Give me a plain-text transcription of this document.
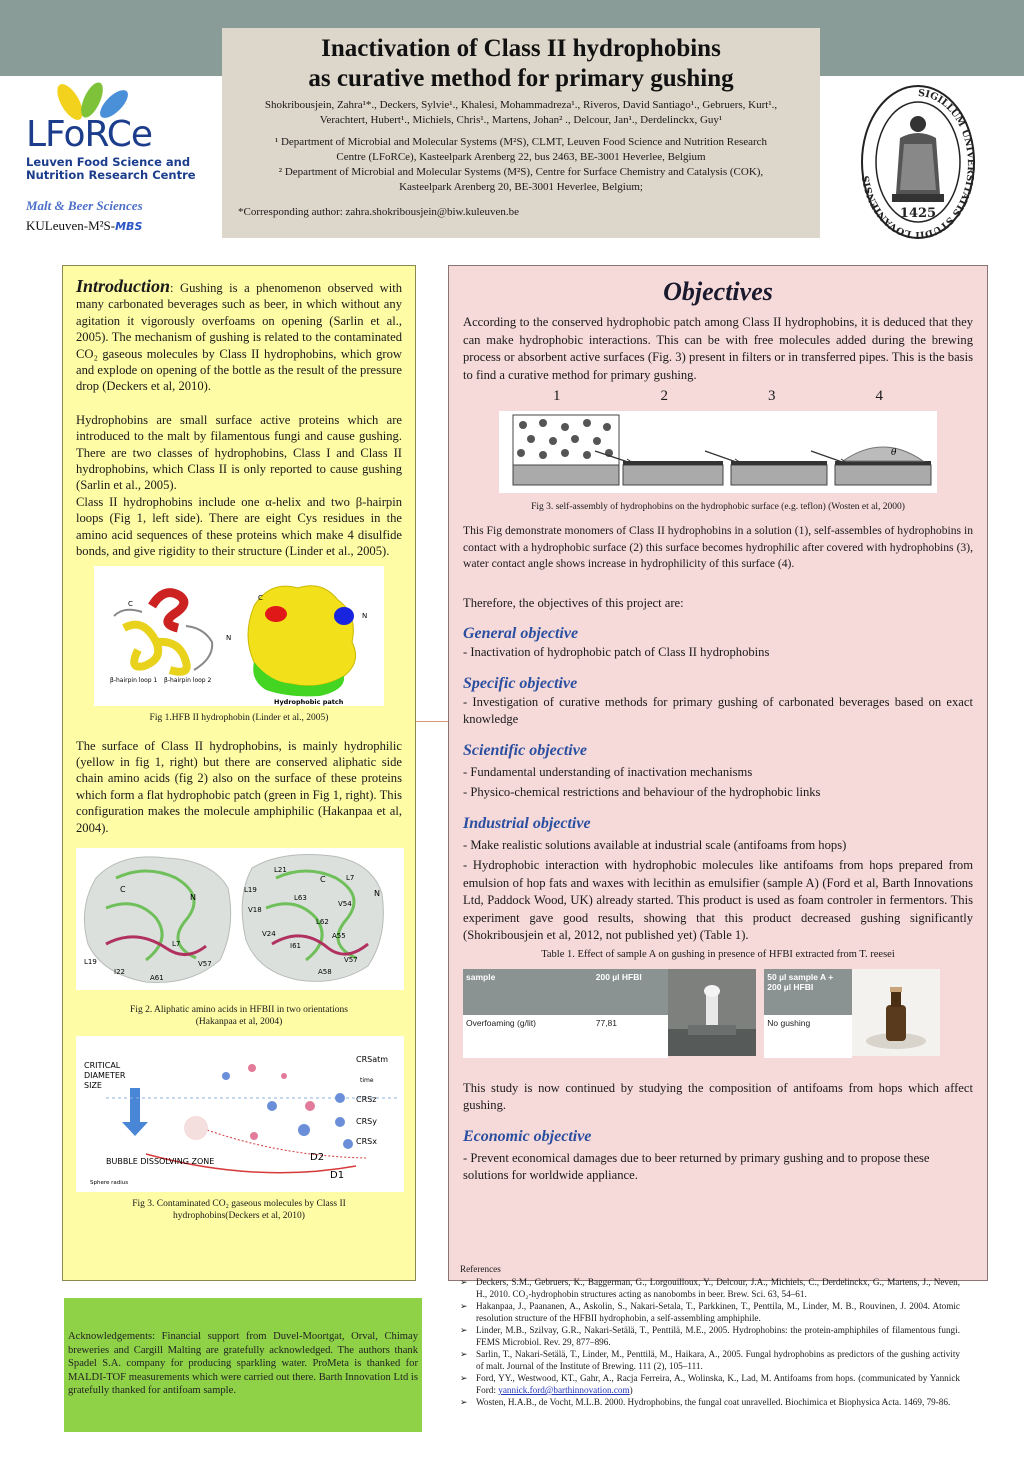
Inactivation of Class II hydrophobins
as curative method for primary gushing
Shokribousjein, Zahra¹*., Deckers, Sylvie¹., Khalesi, Mohammadreza¹., Riveros, David Santiago¹., Gebruers, Kurt¹.,
Verachtert, Hubert¹., Michiels, Chris¹., Martens, Johan² ., Delcour, Jan¹., Derdelinckx, Guy¹
¹ Department of Microbial and Molecular Systems (M²S), CLMT, Leuven Food Science and Nutrition Research
Centre (LFoRCe), Kasteelpark Arenberg 22, bus 2463, BE-3001 Heverlee, Belgium
² Department of Microbial and Molecular Systems (M²S), Centre for Surface Chemistry and Catalysis (COK),
Kasteelpark Arenberg 20, BE-3001 Heverlee, Belgium;
*Corresponding author: zahra.shokribousjein@biw.kuleuven.be
LFoRCe
Leuven Food Science and
Nutrition Research Centre
Malt & Beer Sciences
KULeuven-M²S-MBS
SIGILLUM UNIVERSITATIS STUDII LOVANIENSIS
1425

Introduction: Gushing is a phenomenon observed with many carbonated beverages such as beer, in which without any agitation it vigorously overfoams on opening (Sarlin et al., 2005). The mechanism of gushing is related to the contaminated CO₂ gaseous molecules by Class II hydrophobins, which grow and explode on opening of the bottle as the result of the pressure drop (Deckers et al, 2010).

Hydrophobins are small surface active proteins which are introduced to the malt by filamentous fungi and cause gushing. There are two classes of hydrophobins, Class I and Class II hydrophobins, which Class II is only reported to cause gushing (Sarlin et al., 2005).

Class II hydrophobins include one α-helix and two β-hairpin loops (Fig 1, left side). There are eight Cys residues in the amino acid sequences of these proteins which make 4 disulfide bonds, and give rigidity to their structure (Linder et al., 2005).

C
N
β-hairpin loop 1 β-hairpin loop 2
C
N
Hydrophobic patch
Fig 1.HFB II hydrophobin (Linder et al., 2005)

The surface of Class II hydrophobins, is mainly hydrophilic (yellow in fig 1, right) but there are conserved aliphatic side chain amino acids (fig 2) also on the surface of these proteins which form a flat hydrophobic patch (green in Fig 1, right). This configuration makes the molecule amphiphilic (Hakanpaa et al, 2004).

C
N
L7
L19
I22
A61
V57
L21
C	L7
L19
L63
V18
V54
N
L62
V24	A55
I61
V57
A58
Fig 2. Aliphatic amino acids in HFBII in two orientations
(Hakanpaa et al, 2004)
CRITICAL
DIAMETER
SIZE
CRSatm
time
CRSz
CRSy
CRSx
D2
D1
BUBBLE DISSOLVING ZONE
Sphere radius
Fig 3. Contaminated CO₂ gaseous molecules by Class II
hydrophobins(Deckers et al, 2010)
Objectives

According to the conserved hydrophobic patch among Class II hydrophobins, it is deduced that they can make hydrophobic interactions. This can be with free molecules added during the brewing process or absorbent active surfaces (Fig. 3) present in filters or in transferred pipes. This is the basis to find a curative method for primary gushing.

1	2	3	4
θ
Fig 3. self-assembly of hydrophobins on the hydrophobic surface (e.g. teflon) (Wosten et al, 2000)

This Fig demonstrate monomers of Class II hydrophobins in a solution (1), self-assembles of hydrophobins in contact with a hydrophobic surface (2) this surface becomes hydrophilic after covered with hydrophobins (3), water contact angle shows increase in hydrophilicity of this surface (4).

Therefore, the objectives of this project are:

General objective

- Inactivation of hydrophobic patch of Class II hydrophobins

Specific objective

- Investigation of curative methods for primary gushing of carbonated beverages based on exact knowledge

Scientific objective

- Fundamental understanding of inactivation mechanisms

- Physico-chemical restrictions and behaviour of the hydrophobic links

Industrial objective

- Make realistic solutions available at industrial scale (antifoams from hops)

- Hydrophobic interaction with hydrophobic molecules like antifoams from hops prepared from emulsion of hop fats and waxes with lecithin as emulsifier (sample A) (Ford et al, Barth Innovations Ltd, Paddock Wood, UK) already started. This product is used as foam controler in fermentors. This experiment gave good results, showing that this product decreased gushing significantly (Shokribousjein et al, 2012, not published yet) (Table 1).

Table 1. Effect of sample A on gushing in presence of HFBI extracted from T. reesei
sample	200 µl HFBI		50 µl sample A + 200 µl HFBI	
Overfoaming (g/lit)	77,81		No gushing	

This study is now continued by studying the composition of antifoams from hops which affect gushing.

Economic objective

- Prevent economical damages due to beer returned by primary gushing and to propose these solutions for worldwide appliance.

References
➢ Deckers, S.M., Gebruers, K., Baggerman, G., Lorgouilloux, Y., Delcour, J.A., Michiels, C., Derdelinckx, G., Martens, J., Neven, H., 2010. CO₂-hydrophobin structures acting as nanobombs in beer. Brew. Sci. 63, 54–61.
➢ Hakanpaa, J., Paananen, A., Askolin, S., Nakari-Setala, T., Parkkinen, T., Penttila, M., Linder, M. B., Rouvinen, J. 2004. Atomic resolution structure of the HFBII hydrophobin, a self-assembling amphiphile.
➢ Linder, M.B., Szilvay, G.R., Nakari-Setälä, T., Penttilä, M.E., 2005. Hydrophobins: the protein-amphiphiles of filamentous fungi. FEMS Microbiol. Rev. 29, 877–896.
➢ Sarlin, T., Nakari-Setälä, T., Linder, M., Penttilä, M., Haikara, A., 2005. Fungal hydrophobins as predictors of the gushing activity of malt. Journal of the Institute of Brewing. 111 (2), 105–111.
➢ Ford, YY., Westwood, KT., Gahr, A., Racja Ferreira, A., Wolinska, K., Lad, M. Antifoams from hops. (communicated by Yannick Ford: yannick.ford@barthinnovation.com)
➢ Wosten, H.A.B., de Vocht, M.L.B. 2000. Hydrophobins, the fungal coat unravelled. Biochimica et Biophysica Acta. 1469, 79-86.
Acknowledgements: Financial support from Duvel-Moortgat, Orval, Chimay breweries and Cargill Malting are gratefully acknowledged. The authors thank Spadel S.A. company for producing sparkling water. ProMeta is thanked for MALDI-TOF measurements which were carried out there. Barth Innovation Ltd is gratefully thanked for antifoam sample.
